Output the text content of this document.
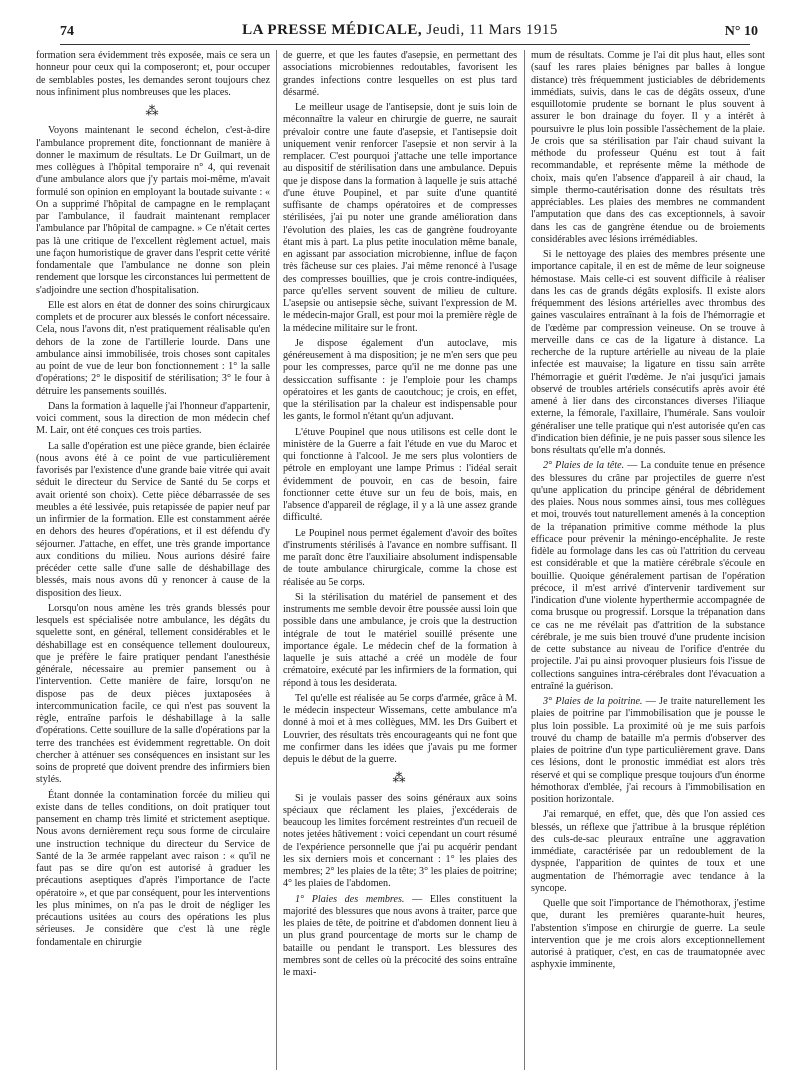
74	LA PRESSE MÉDICALE, Jeudi, 11 Mars 1915	N° 10

formation sera évidemment très exposée, mais ce sera un honneur pour ceux qui la composeront; et, pour occuper de semblables postes, les demandes seront toujours chez nous infiniment plus nombreuses que les places.

⁂

Voyons maintenant le second échelon, c'est-à-dire l'ambulance proprement dite, fonctionnant de manière à donner le maximum de résultats. Le Dr Guilmart, un de mes collègues à l'hôpital temporaire n° 4, qui revenait d'une ambulance alors que j'y partais moi-même, m'avait formulé son opinion en employant la boutade suivante : « On a supprimé l'hôpital de campagne en le remplaçant par l'ambulance, il faudrait maintenant remplacer l'ambulance par l'hôpital de campagne. » Ce n'était certes pas là une critique de l'excellent règlement actuel, mais une façon humoristique de graver dans l'esprit cette vérité fondamentale que l'ambulance ne donne son plein rendement que lorsque les circonstances lui permettent de s'adjoindre une section d'hospitalisation.

Elle est alors en état de donner des soins chirurgicaux complets et de procurer aux blessés le confort nécessaire. Cela, nous l'avons dit, n'est pratiquement réalisable qu'en dehors de la zone de l'artillerie lourde. Dans une ambulance ainsi immobilisée, trois choses sont capitales au point de vue de leur bon fonctionnement : 1° la salle d'opérations; 2° le dispositif de stérilisation; 3° le four à détruire les pansements souillés.

Dans la formation à laquelle j'ai l'honneur d'appartenir, voici comment, sous la direction de mon médecin chef M. Lair, ont été conçues ces trois parties.

La salle d'opération est une pièce grande, bien éclairée (nous avons été à ce point de vue particulièrement favorisés par l'existence d'une grande baie vitrée qui avait séduit le directeur du Service de Santé du 5e corps et avait orienté son choix). Cette pièce débarrassée de ses meubles a été lessivée, puis retapissée de papier neuf par un infirmier de la formation. Elle est constamment aérée en dehors des heures d'opérations, et il est défendu d'y séjourner. J'attache, en effet, une très grande importance aux conditions du milieu. Nous aurions désiré faire précéder cette salle d'une salle de déshabillage des blessés, mais nous avons dû y renoncer à cause de la disposition des lieux.

Lorsqu'on nous amène les très grands blessés pour lesquels est spécialisée notre ambulance, les dégâts du squelette sont, en général, tellement considérables et le déshabillage est en conséquence tellement douloureux, que je préfère le faire pratiquer pendant l'anesthésie générale, nécessaire au premier pansement ou à l'intervention. Cette manière de faire, lorsqu'on ne dispose pas de deux pièces juxtaposées à intercommunication facile, ce qui n'est pas souvent la règle, entraîne parfois le déshabillage à la salle d'opérations. Cette souillure de la salle d'opérations par la terre des tranchées est évidemment regrettable. On doit chercher à atténuer ses conséquences en insistant sur les soins de propreté que doivent prendre des infirmiers bien stylés.

Étant donnée la contamination forcée du milieu qui existe dans de telles conditions, on doit pratiquer tout pansement en champ très limité et strictement aseptique. Nous avons dernièrement reçu sous forme de circulaire une instruction technique du directeur du Service de Santé de la 3e armée rappelant avec raison : « qu'il ne faut pas se dire qu'on est autorisé à graduer les précautions aseptiques d'après l'importance de l'acte opératoire », et que par conséquent, pour les interventions les plus minimes, on n'a pas le droit de négliger les précautions usitées au cours des opérations les plus sérieuses. Je considère que c'est là une règle fondamentale en chirurgie

de guerre, et que les fautes d'asepsie, en permettant des associations microbiennes redoutables, favorisent les grandes infections contre lesquelles on est plus tard désarmé.

Le meilleur usage de l'antisepsie, dont je suis loin de méconnaître la valeur en chirurgie de guerre, ne saurait prévaloir contre une faute d'asepsie, et l'antisepsie doit uniquement venir renforcer l'asepsie et non servir à la remplacer. C'est pourquoi j'attache une telle importance au dispositif de stérilisation dans une ambulance. Depuis que je dispose dans la formation à laquelle je suis attaché d'une étuve Poupinel, et par suite d'une quantité suffisante de champs opératoires et de compresses stérilisées, j'ai pu noter une grande amélioration dans l'évolution des plaies, les cas de gangrène foudroyante étant mis à part. La plus petite inoculation même banale, en agissant par association microbienne, influe de façon très fâcheuse sur ces plaies. J'ai même renoncé à l'usage des compresses bouillies, que je crois contre-indiquées, parce qu'elles servent souvent de milieu de culture. L'asepsie ou antisepsie sèche, suivant l'expression de M. le médecin-major Grall, est pour moi la première règle de la médecine militaire sur le front.

Je dispose également d'un autoclave, mis généreusement à ma disposition; je ne m'en sers que peu pour les compresses, parce qu'il ne me donne pas une dessiccation suffisante : je l'emploie pour les champs opératoires et les gants de caoutchouc; je crois, en effet, que la stérilisation par la chaleur est indispensable pour les gants, le formol n'étant qu'un adjuvant.

L'étuve Poupinel que nous utilisons est celle dont le ministère de la Guerre a fait l'étude en vue du Maroc et qui fonctionne à l'alcool. Je me sers plus volontiers de pétrole en employant une lampe Primus : l'idéal serait évidemment de pouvoir, en cas de besoin, faire fonctionner cette étuve sur un feu de bois, mais, en l'absence d'appareil de réglage, il y a là une assez grande difficulté.

Le Poupinel nous permet également d'avoir des boîtes d'instruments stérilisés à l'avance en nombre suffisant. Il me paraît donc être l'auxiliaire absolument indispensable de toute ambulance chirurgicale, comme la chose est réalisée au 5e corps.

Si la stérilisation du matériel de pansement et des instruments me semble devoir être poussée aussi loin que possible dans une ambulance, je crois que la destruction intégrale de tout le matériel souillé présente une importance égale. Le médecin chef de la formation à laquelle je suis attaché a créé un modèle de four crématoire, exécuté par les infirmiers de la formation, qui répond à tous les desiderata.

Tel qu'elle est réalisée au 5e corps d'armée, grâce à M. le médecin inspecteur Wissemans, cette ambulance m'a donné à moi et à mes collègues, MM. les Drs Guibert et Louvrier, des résultats très encourageants qui ne font que me confirmer dans les idées que j'avais pu me former depuis le début de la guerre.

⁂

Si je voulais passer des soins généraux aux soins spéciaux que réclament les plaies, j'excéderais de beaucoup les limites forcément restreintes d'un recueil de notes jetées hâtivement : voici cependant un court résumé de l'expérience personnelle que j'ai pu acquérir pendant les six derniers mois et concernant : 1° les plaies des membres; 2° les plaies de la tête; 3° les plaies de poitrine; 4° les plaies de l'abdomen.

1° Plaies des membres. — Elles constituent la majorité des blessures que nous avons à traiter, parce que les plaies de tête, de poitrine et d'abdomen donnent lieu à un plus grand pourcentage de morts sur le champ de bataille ou pendant le transport. Les blessures des membres sont de celles où la précocité des soins entraîne le maxi-

mum de résultats. Comme je l'ai dit plus haut, elles sont (sauf les rares plaies bénignes par balles à longue distance) très fréquemment justiciables de débridements immédiats, suivis, dans le cas de dégâts osseux, d'une esquillotomie prudente se bornant le plus souvent à assurer le bon drainage du foyer. Il y a intérêt à poursuivre le plus loin possible l'assèchement de la plaie. Je crois que sa stérilisation par l'air chaud suivant la méthode du professeur Quénu est tout à fait recommandable, et représente même la méthode de choix, mais qu'en l'absence d'appareil à air chaud, la simple thermo-cautérisation donne des résultats très appréciables. Les plaies des membres ne commandent l'amputation que dans des cas exceptionnels, à savoir dans les cas de gangrène étendue ou de broiements considérables avec lésions irrémédiables.

Si le nettoyage des plaies des membres présente une importance capitale, il en est de même de leur soigneuse hémostase. Mais celle-ci est souvent difficile à réaliser dans les cas de grands dégâts explosifs. Il existe alors fréquemment des lésions artérielles avec thrombus des gaines vasculaires entraînant à la fois de l'hémorragie et de l'œdème par compression veineuse. On se trouve à merveille dans ce cas de la ligature à distance. La recherche de la rupture artérielle au niveau de la plaie infectée est mauvaise; la ligature en tissu sain arrête l'hémorragie et guérit l'œdème. Je n'ai jusqu'ici jamais observé de troubles artériels consécutifs après avoir été amené à lier dans des circonstances diverses l'iliaque externe, la fémorale, l'axillaire, l'humérale. Sans vouloir généraliser une telle pratique qui n'est autorisée qu'en cas d'indication bien définie, je ne puis passer sous silence les bons résultats qu'elle m'a donnés.

2° Plaies de la tête. — La conduite tenue en présence des blessures du crâne par projectiles de guerre n'est qu'une application du principe général de débridement des plaies. Nous nous sommes ainsi, tous mes collègues et moi, trouvés tout naturellement amenés à la conception de la trépanation primitive comme méthode la plus efficace pour prévenir la méningo-encéphalite. Je reste fidèle au formolage dans les cas où l'attrition du cerveau est considérable et que la matière cérébrale s'écoule en bouillie. Quoique généralement partisan de l'opération précoce, il m'est arrivé d'intervenir tardivement sur l'indication d'une violente hyperthermie accompagnée de coma brusque ou progressif. Lorsque la trépanation dans ce cas ne me révélait pas d'attrition de la substance cérébrale, je me suis bien trouvé d'une prudente incision de cette substance au niveau de l'orifice d'entrée du projectile. J'ai pu ainsi provoquer plusieurs fois l'issue de collections sanguines intra-cérébrales dont l'évacuation a entraîné la guérison.

3° Plaies de la poitrine. — Je traite naturellement les plaies de poitrine par l'immobilisation que je pousse le plus loin possible. La proximité où je me suis parfois trouvé du champ de bataille m'a permis d'observer des plaies de poitrine d'un type particulièrement grave. Dans ces lésions, dont le pronostic immédiat est alors très réservé et qui se complique presque toujours d'un énorme hémothorax d'emblée, j'ai recours à l'immobilisation en position horizontale.

J'ai remarqué, en effet, que, dès que l'on assied ces blessés, un réflexe que j'attribue à la brusque réplétion des culs-de-sac pleuraux entraîne une aggravation immédiate, caractérisée par un redoublement de la dyspnée, l'apparition de quintes de toux et une augmentation de l'hémorragie avec tendance à la syncope.

Quelle que soit l'importance de l'hémothorax, j'estime que, durant les premières quarante-huit heures, l'abstention s'impose en chirurgie de guerre. La seule intervention que je me crois alors exceptionnellement autorisé à pratiquer, c'est, en cas de traumatopnée avec asphyxie imminente,
